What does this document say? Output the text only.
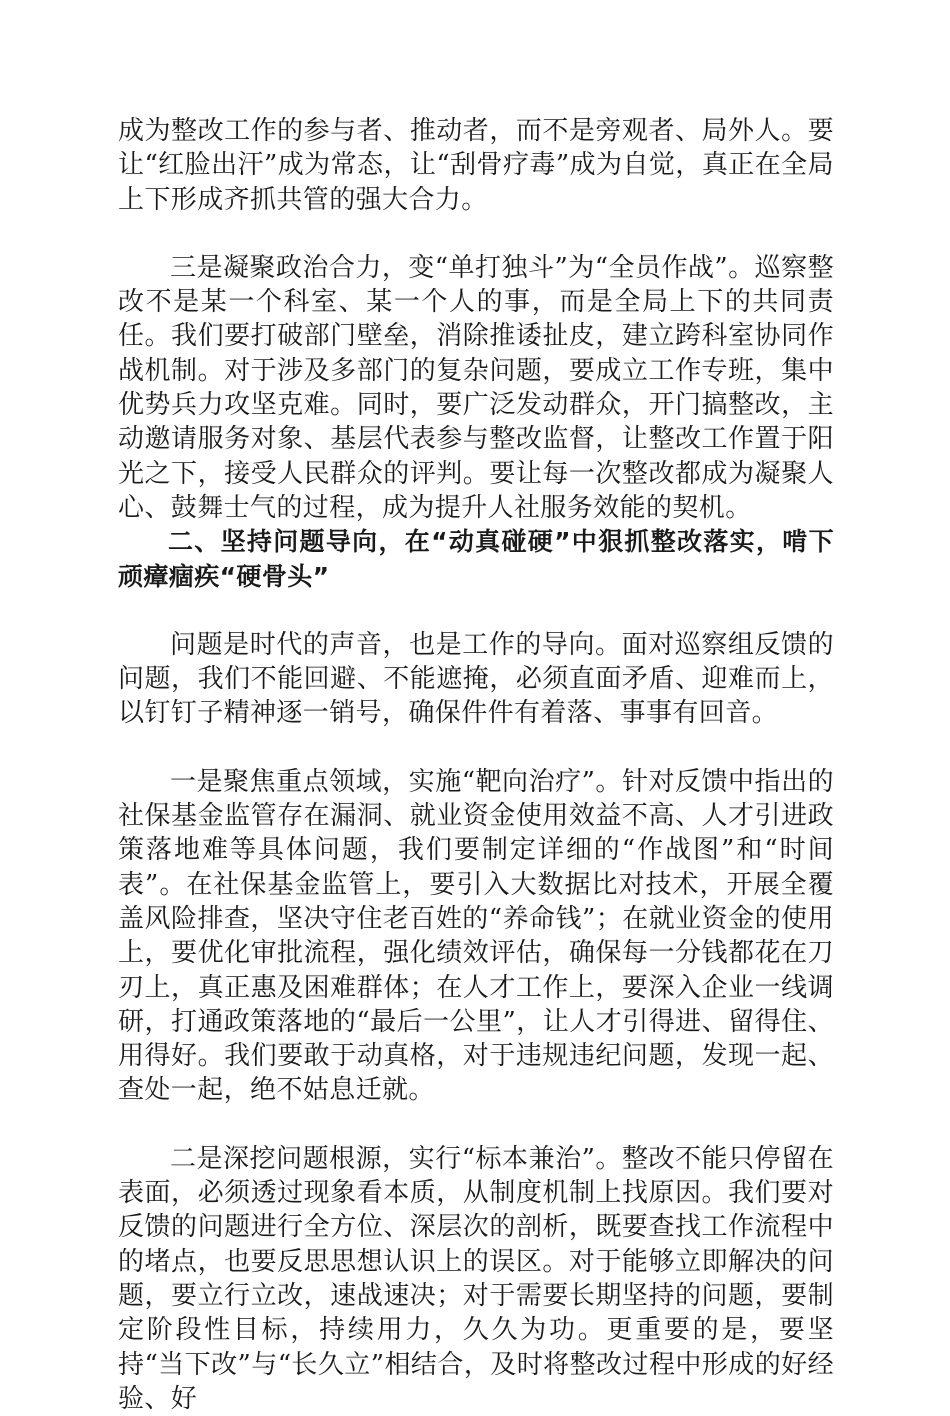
成为整改工作的参与者、推动者，而不是旁观者、局外人。要让“红脸出汗”成为常态，让“刮骨疗毒”成为自觉，真正在全局上下形成齐抓共管的强大合力。

三是凝聚政治合力，变“单打独斗”为“全员作战”。巡察整改不是某一个科室、某一个人的事，而是全局上下的共同责任。我们要打破部门壁垒，消除推诿扯皮，建立跨科室协同作战机制。对于涉及多部门的复杂问题，要成立工作专班，集中优势兵力攻坚克难。同时，要广泛发动群众，开门搞整改，主动邀请服务对象、基层代表参与整改监督，让整改工作置于阳光之下，接受人民群众的评判。要让每一次整改都成为凝聚人心、鼓舞士气的过程，成为提升人社服务效能的契机。

二、坚持问题导向，在“动真碰硬”中狠抓整改落实，啃下顽瘴痼疾“硬骨头”

问题是时代的声音，也是工作的导向。面对巡察组反馈的问题，我们不能回避、不能遮掩，必须直面矛盾、迎难而上，以钉钉子精神逐一销号，确保件件有着落、事事有回音。

一是聚焦重点领域，实施“靶向治疗”。针对反馈中指出的社保基金监管存在漏洞、就业资金使用效益不高、人才引进政策落地难等具体问题，我们要制定详细的“作战图”和“时间表”。在社保基金监管上，要引入大数据比对技术，开展全覆盖风险排查，坚决守住老百姓的“养命钱”；在就业资金的使用上，要优化审批流程，强化绩效评估，确保每一分钱都花在刀刃上，真正惠及困难群体；在人才工作上，要深入企业一线调研，打通政策落地的“最后一公里”，让人才引得进、留得住、用得好。我们要敢于动真格，对于违规违纪问题，发现一起、查处一起，绝不姑息迁就。

二是深挖问题根源，实行“标本兼治”。整改不能只停留在表面，必须透过现象看本质，从制度机制上找原因。我们要对反馈的问题进行全方位、深层次的剖析，既要查找工作流程中的堵点，也要反思思想认识上的误区。对于能够立即解决的问题，要立行立改，速战速决；对于需要长期坚持的问题，要制定阶段性目标，持续用力，久久为功。更重要的是，要坚持“当下改”与“长久立”相结合，及时将整改过程中形成的好经验、好
